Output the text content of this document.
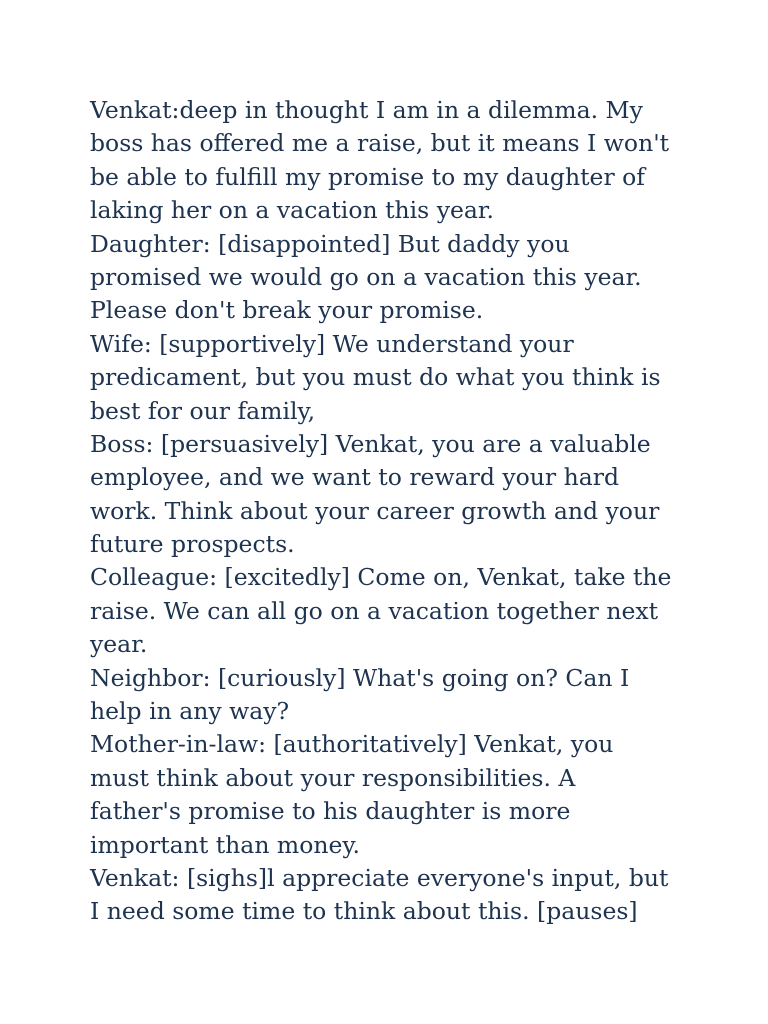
Venkat:deep in thought I am in a dilemma. My
boss has offered me a raise, but it means I won't
be able to fulfill my promise to my daughter of
laking her on a vacation this year.
Daughter: [disappointed] But daddy you
promised we would go on a vacation this year.
Please don't break your promise.
Wife: [supportively] We understand your
predicament, but you must do what you think is
best for our family,
Boss: [persuasively] Venkat, you are a valuable
employee, and we want to reward your hard
work. Think about your career growth and your
future prospects.
Colleague: [excitedly] Come on, Venkat, take the
raise. We can all go on a vacation together next
year.
Neighbor: [curiously] What's going on? Can I
help in any way?
Mother-in-law: [authoritatively] Venkat, you
must think about your responsibilities. A
father's promise to his daughter is more
important than money.
Venkat: [sighs]l appreciate everyone's input, but
I need some time to think about this. [pauses]
